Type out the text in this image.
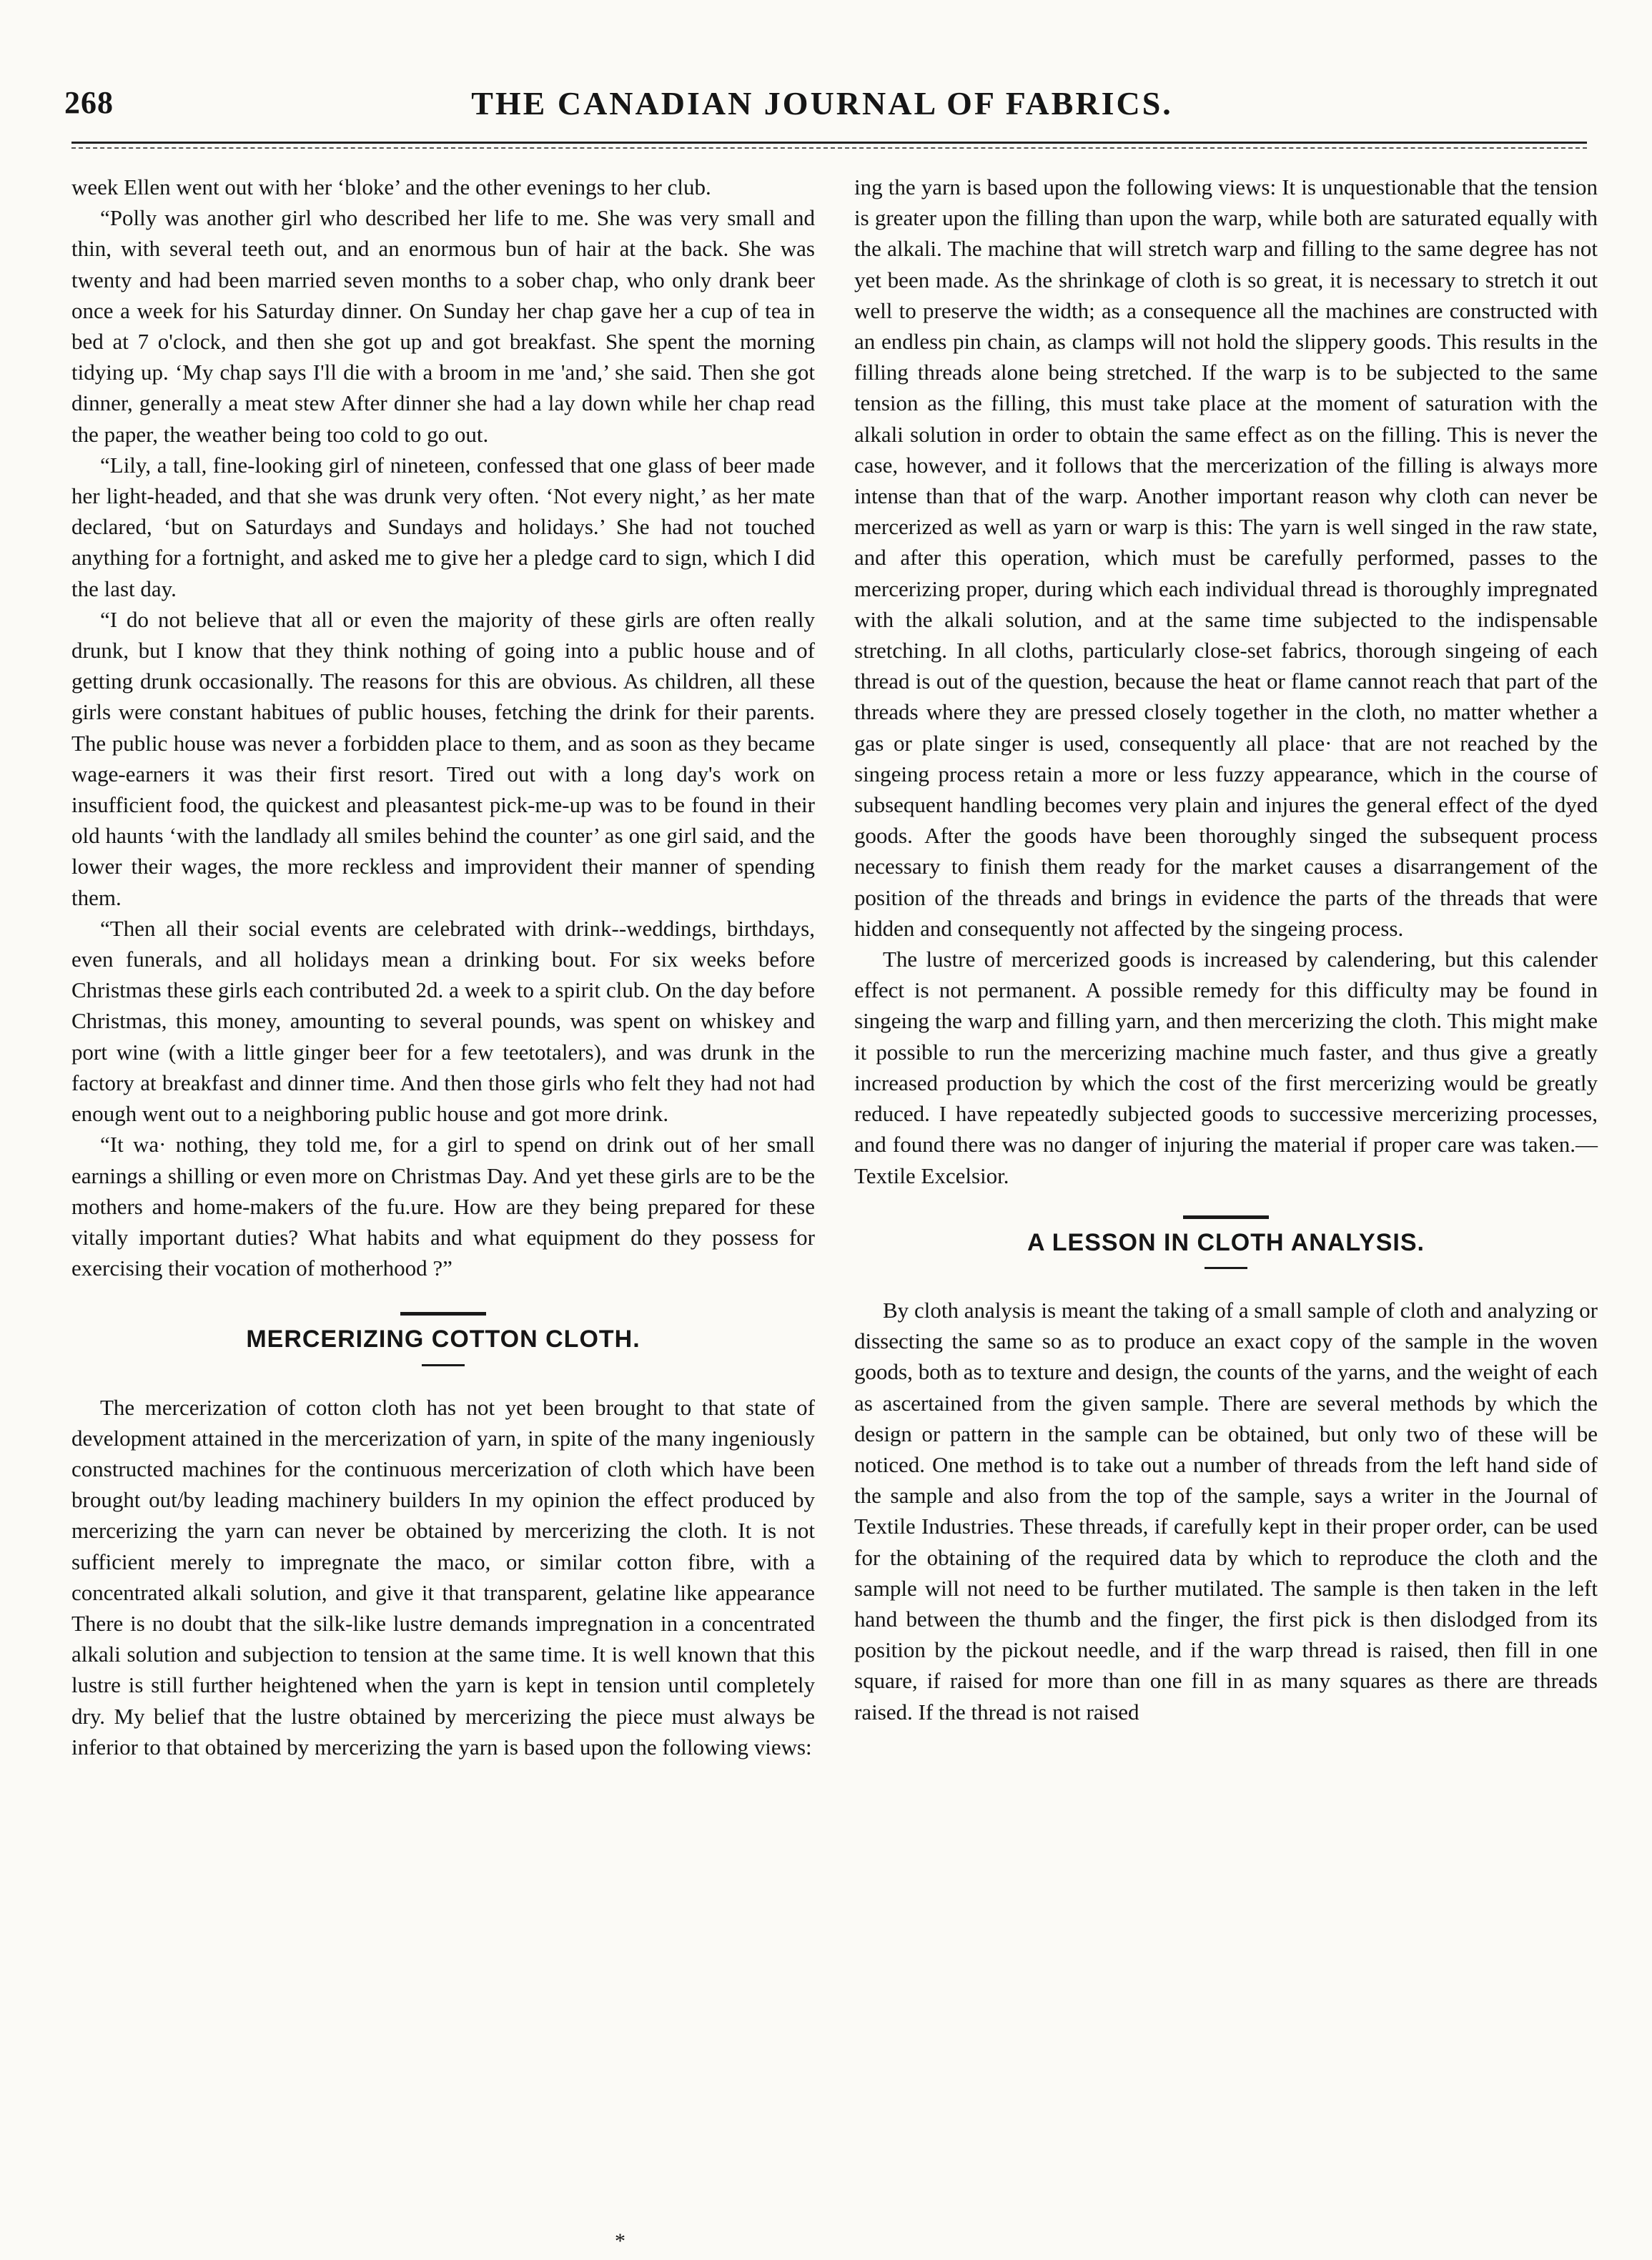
268	THE CANADIAN JOURNAL OF FABRICS.

week Ellen went out with her ‘bloke’ and the other evenings to her club.

“Polly was another girl who described her life to me. She was very small and thin, with several teeth out, and an enormous bun of hair at the back. She was twenty and had been married seven months to a sober chap, who only drank beer once a week for his Saturday dinner. On Sunday her chap gave her a cup of tea in bed at 7 o'clock, and then she got up and got breakfast. She spent the morning tidying up. ‘My chap says I'll die with a broom in me 'and,’ she said. Then she got dinner, generally a meat stew After dinner she had a lay down while her chap read the paper, the weather being too cold to go out.

“Lily, a tall, fine-looking girl of nineteen, confessed that one glass of beer made her light-headed, and that she was drunk very often. ‘Not every night,’ as her mate declared, ‘but on Saturdays and Sundays and holidays.’ She had not touched anything for a fortnight, and asked me to give her a pledge card to sign, which I did the last day.

“I do not believe that all or even the majority of these girls are often really drunk, but I know that they think nothing of going into a public house and of getting drunk occasionally. The reasons for this are obvious. As children, all these girls were constant habitues of public houses, fetching the drink for their parents. The public house was never a forbidden place to them, and as soon as they became wage-earners it was their first resort. Tired out with a long day's work on insufficient food, the quickest and pleasantest pick-me-up was to be found in their old haunts ‘with the landlady all smiles behind the counter’ as one girl said, and the lower their wages, the more reckless and improvident their manner of spending them.

“Then all their social events are celebrated with drink--weddings, birthdays, even funerals, and all holidays mean a drinking bout. For six weeks before Christmas these girls each contributed 2d. a week to a spirit club. On the day before Christmas, this money, amounting to several pounds, was spent on whiskey and port wine (with a little ginger beer for a few teetotalers), and was drunk in the factory at breakfast and dinner time. And then those girls who felt they had not had enough went out to a neighboring public house and got more drink.

“It wa· nothing, they told me, for a girl to spend on drink out of her small earnings a shilling or even more on Christmas Day. And yet these girls are to be the mothers and home-makers of the fu.ure. How are they being prepared for these vitally important duties? What habits and what equipment do they possess for exercising their vocation of motherhood ?”

MERCERIZING COTTON CLOTH.

The mercerization of cotton cloth has not yet been brought to that state of development attained in the mercerization of yarn, in spite of the many ingeniously constructed machines for the continuous mercerization of cloth which have been brought out/by leading machinery builders In my opinion the effect produced by mercerizing the yarn can never be obtained by mercerizing the cloth. It is not sufficient merely to impregnate the maco, or similar cotton fibre, with a concentrated alkali solution, and give it that transparent, gelatine like appearance There is no doubt that the silk-like lustre demands impregnation in a concentrated alkali solution and subjection to tension at the same time. It is well known that this lustre is still further heightened when the yarn is kept in tension until completely dry. My belief that the lustre obtained by mercerizing the piece must always be inferior to that obtained by mercerizing the yarn is based upon the following views:

ing the yarn is based upon the following views: It is unquestionable that the tension is greater upon the filling than upon the warp, while both are saturated equally with the alkali. The machine that will stretch warp and filling to the same degree has not yet been made. As the shrinkage of cloth is so great, it is necessary to stretch it out well to preserve the width; as a consequence all the machines are constructed with an endless pin chain, as clamps will not hold the slippery goods. This results in the filling threads alone being stretched. If the warp is to be subjected to the same tension as the filling, this must take place at the moment of saturation with the alkali solution in order to obtain the same effect as on the filling. This is never the case, however, and it follows that the mercerization of the filling is always more intense than that of the warp. Another important reason why cloth can never be mercerized as well as yarn or warp is this: The yarn is well singed in the raw state, and after this operation, which must be carefully performed, passes to the mercerizing proper, during which each individual thread is thoroughly impregnated with the alkali solution, and at the same time subjected to the indispensable stretching. In all cloths, particularly close-set fabrics, thorough singeing of each thread is out of the question, because the heat or flame cannot reach that part of the threads where they are pressed closely together in the cloth, no matter whether a gas or plate singer is used, consequently all place· that are not reached by the singeing process retain a more or less fuzzy appearance, which in the course of subsequent handling becomes very plain and injures the general effect of the dyed goods. After the goods have been thoroughly singed the subsequent process necessary to finish them ready for the market causes a disarrangement of the position of the threads and brings in evidence the parts of the threads that were hidden and consequently not affected by the singeing process.

The lustre of mercerized goods is increased by calendering, but this calender effect is not permanent. A possible remedy for this difficulty may be found in singeing the warp and filling yarn, and then mercerizing the cloth. This might make it possible to run the mercerizing machine much faster, and thus give a greatly increased production by which the cost of the first mercerizing would be greatly reduced. I have repeatedly subjected goods to successive mercerizing processes, and found there was no danger of injuring the material if proper care was taken.—Textile Excelsior.

A LESSON IN CLOTH ANALYSIS.

By cloth analysis is meant the taking of a small sample of cloth and analyzing or dissecting the same so as to produce an exact copy of the sample in the woven goods, both as to texture and design, the counts of the yarns, and the weight of each as ascertained from the given sample. There are several methods by which the design or pattern in the sample can be obtained, but only two of these will be noticed. One method is to take out a number of threads from the left hand side of the sample and also from the top of the sample, says a writer in the Journal of Textile Industries. These threads, if carefully kept in their proper order, can be used for the obtaining of the required data by which to reproduce the cloth and the sample will not need to be further mutilated. The sample is then taken in the left hand between the thumb and the finger, the first pick is then dislodged from its position by the pickout needle, and if the warp thread is raised, then fill in one square, if raised for more than one fill in as many squares as there are threads raised. If the thread is not raised

*
